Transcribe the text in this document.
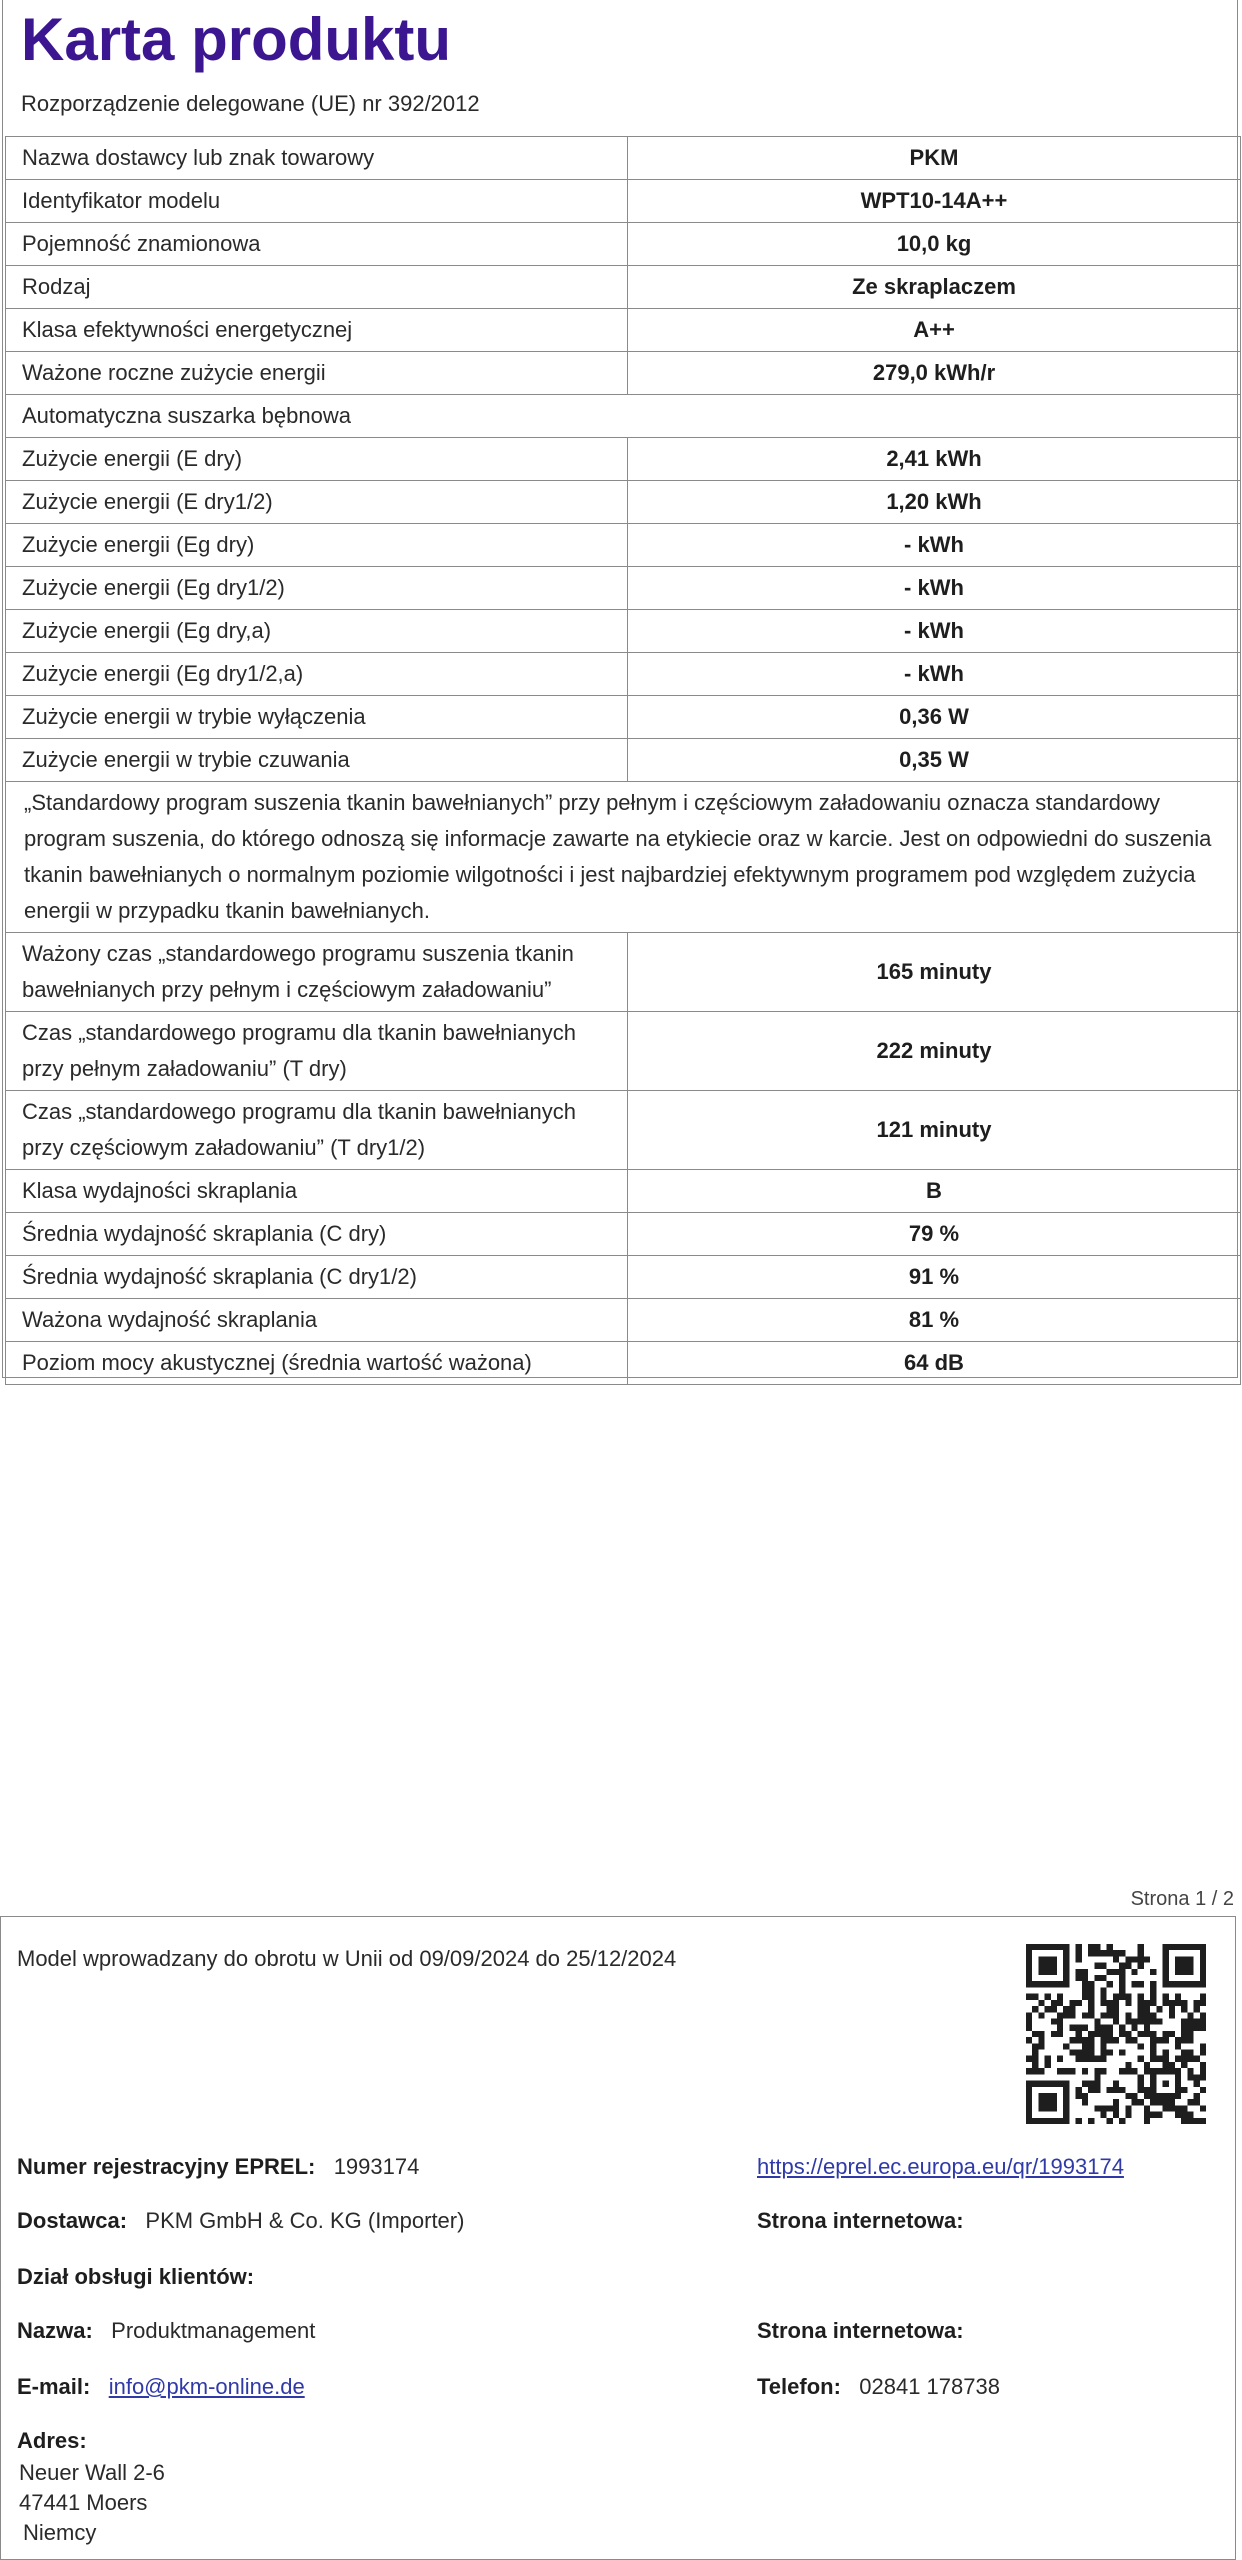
Karta produktu
Rozporządzenie delegowane (UE) nr 392/2012
Nazwa dostawcy lub znak towarowy	PKM
Identyfikator modelu	WPT10-14A++
Pojemność znamionowa	10,0 kg
Rodzaj	Ze skraplaczem
Klasa efektywności energetycznej	A++
Ważone roczne zużycie energii	279,0 kWh/r
Automatyczna suszarka bębnowa	
Zużycie energii (E dry)	2,41 kWh
Zużycie energii (E dry1/2)	1,20 kWh
Zużycie energii (Eg dry)	- kWh
Zużycie energii (Eg dry1/2)	- kWh
Zużycie energii (Eg dry,a)	- kWh
Zużycie energii (Eg dry1/2,a)	- kWh
Zużycie energii w trybie wyłączenia	0,36 W
Zużycie energii w trybie czuwania	0,35 W
„Standardowy program suszenia tkanin bawełnianych” przy pełnym i częściowym załadowaniu oznacza standardowy program suszenia, do którego odnoszą się informacje zawarte na etykiecie oraz w karcie. Jest on odpowiedni do suszenia tkanin bawełnianych o normalnym poziomie wilgotności i jest najbardziej efektywnym programem pod względem zużycia energii w przypadku tkanin bawełnianych.	
Ważony czas „standardowego programu suszenia tkanin bawełnianych przy pełnym i częściowym załadowaniu”	165 minuty
Czas „standardowego programu dla tkanin bawełnianych przy pełnym załadowaniu” (T dry)	222 minuty
Czas „standardowego programu dla tkanin bawełnianych przy częściowym załadowaniu” (T dry1/2)	121 minuty
Klasa wydajności skraplania	B
Średnia wydajność skraplania (C dry)	79 %
Średnia wydajność skraplania (C dry1/2)	91 %
Ważona wydajność skraplania	81 %
Poziom mocy akustycznej (średnia wartość ważona)	64 dB
Strona 1 / 2
Model wprowadzany do obrotu w Unii od 09/09/2024 do 25/12/2024
Numer rejestracyjny EPREL: 1993174	https://eprel.ec.europa.eu/qr/1993174
Dostawca: PKM GmbH & Co. KG (Importer)	Strona internetowa:
Dział obsługi klientów:
Nazwa: Produktmanagement	Strona internetowa:
E-mail: info@pkm-online.de	Telefon: 02841 178738
Adres:
Neuer Wall 2-6
47441 Moers
Niemcy
